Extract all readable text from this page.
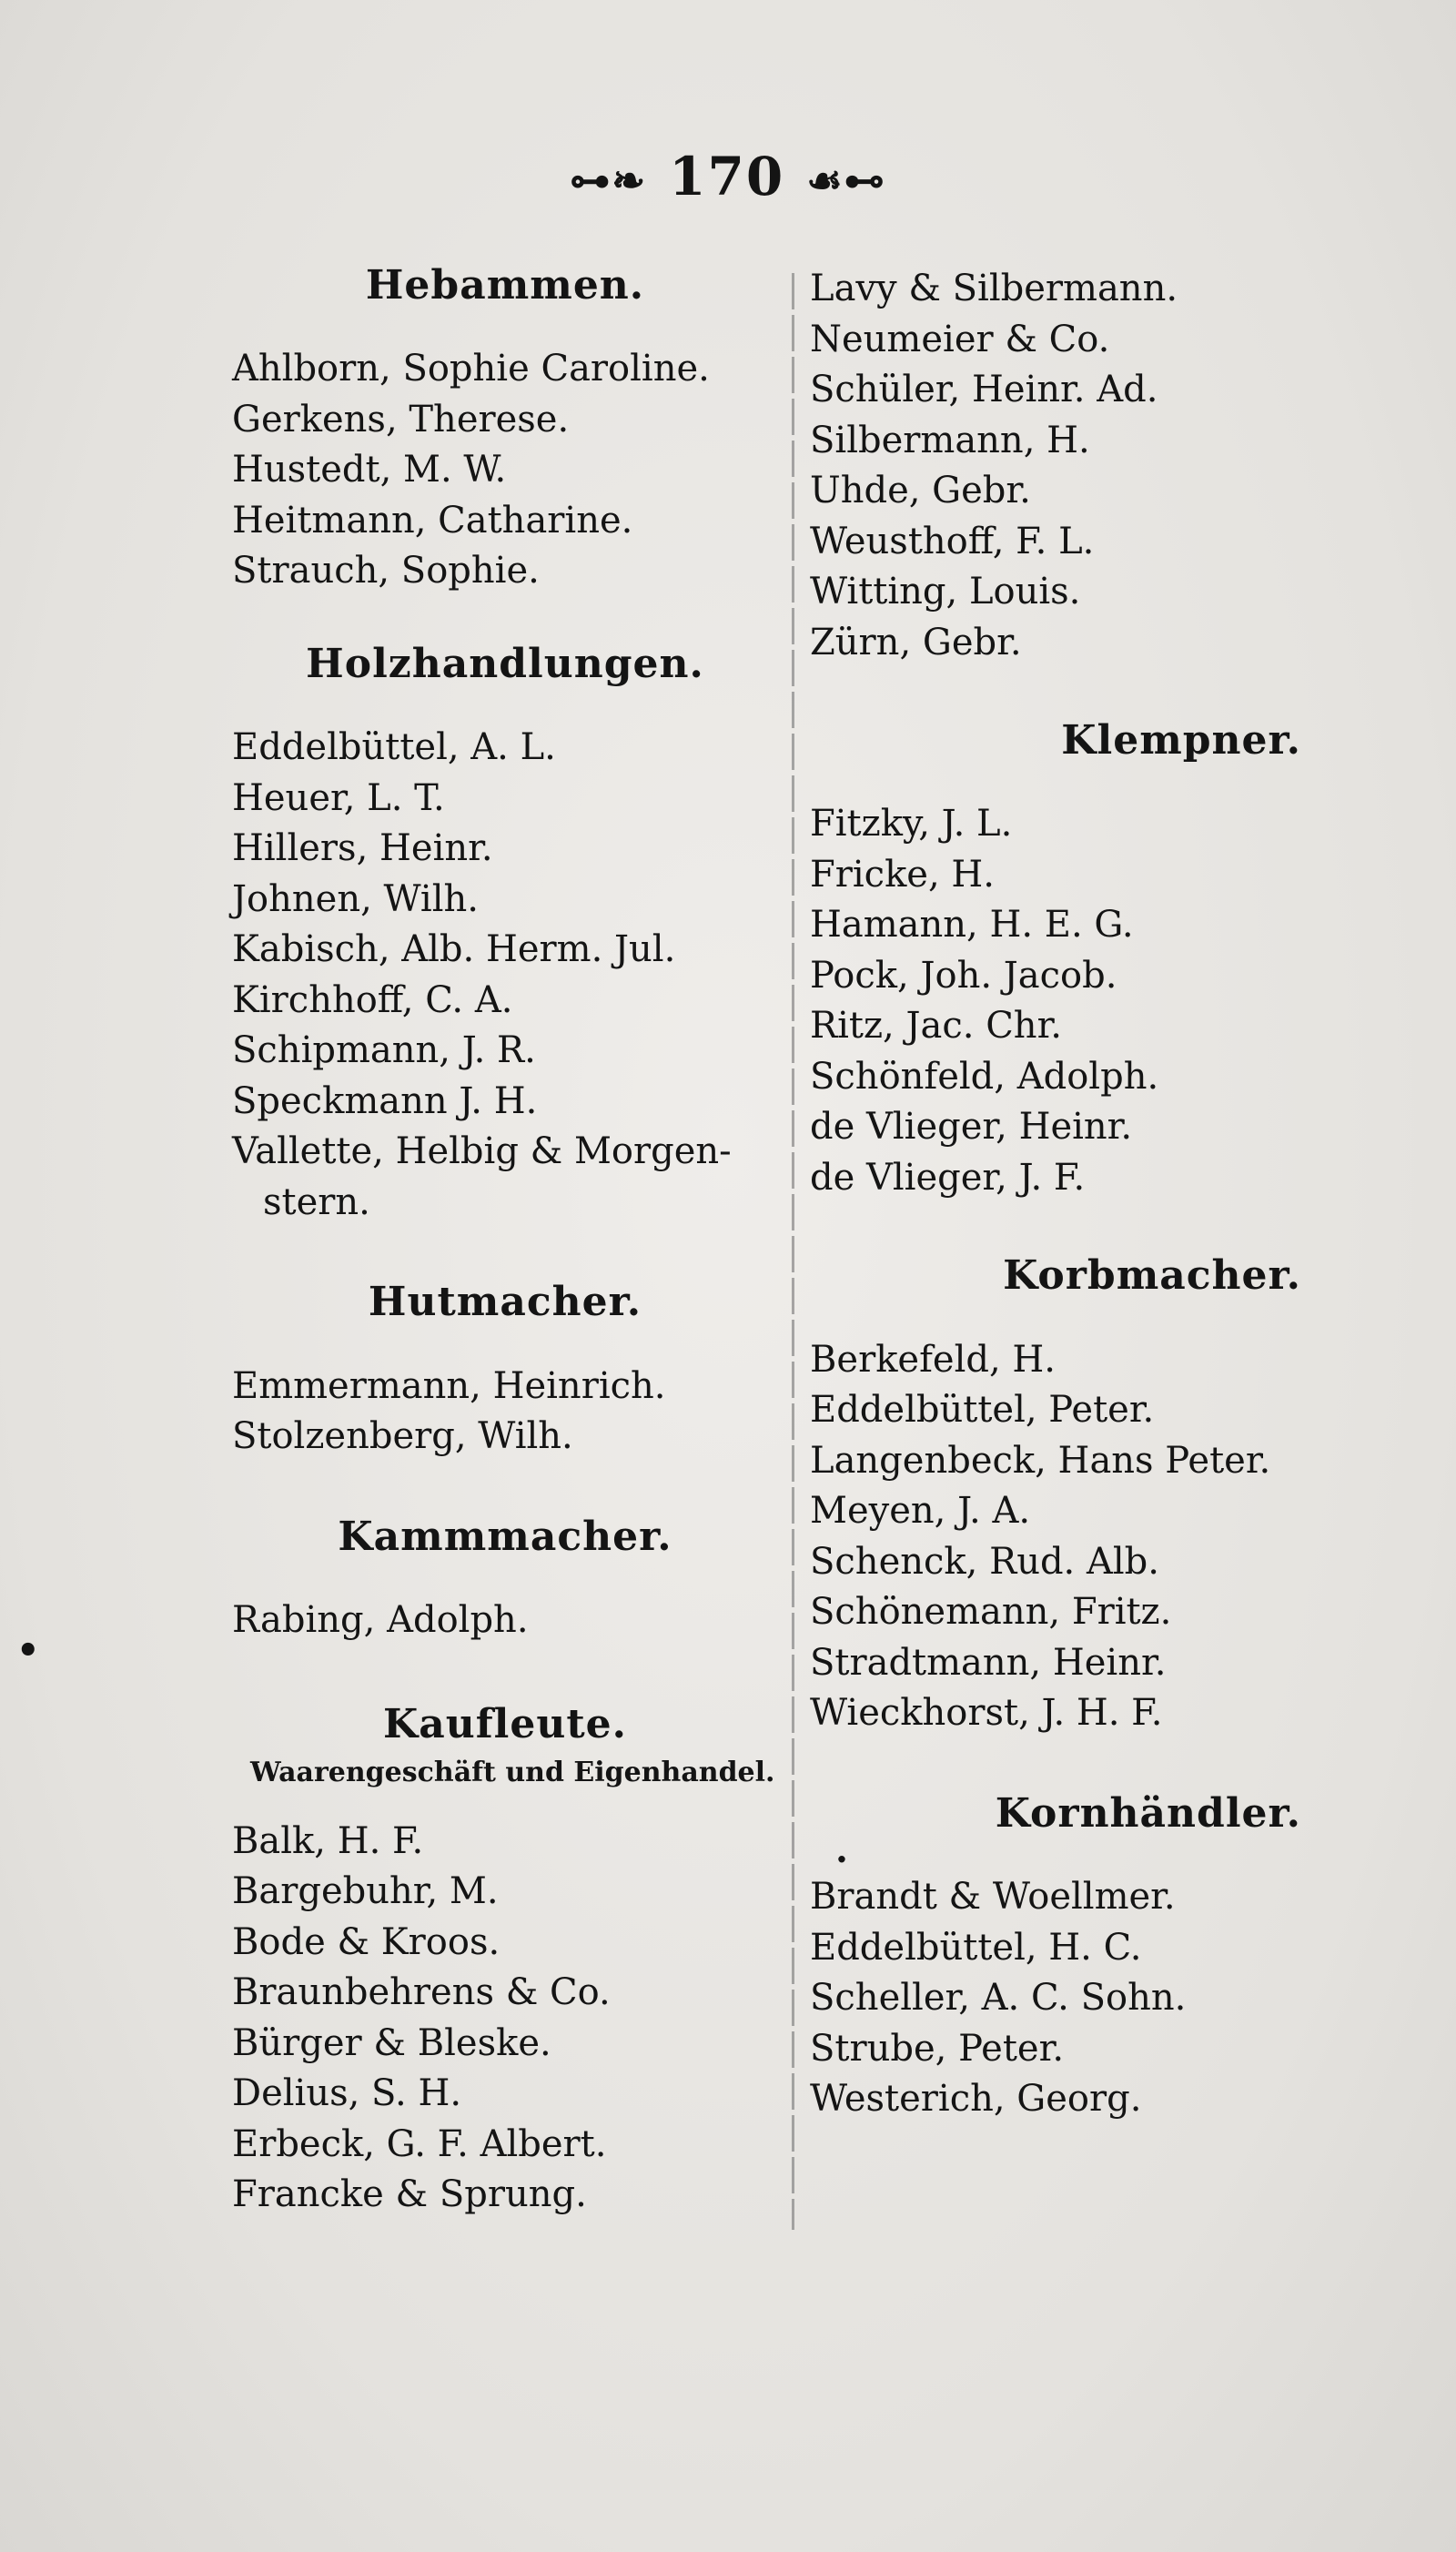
⊶❧ 170 ☙⊷
Hebammen.
Ahlborn, Sophie Caroline.
Gerkens, Therese.
Hustedt, M. W.
Heitmann, Catharine.
Strauch, Sophie.
Holzhandlungen.
Eddelbüttel, A. L.
Heuer, L. T.
Hillers, Heinr.
Johnen, Wilh.
Kabisch, Alb. Herm. Jul.
Kirchhoff, C. A.
Schipmann, J. R.
Speckmann J. H.
Vallette, Helbig & Morgen-
stern.
Hutmacher.
Emmermann, Heinrich.
Stolzenberg, Wilh.
Kammmacher.
Rabing, Adolph.
Kaufleute.
Waarengeschäft und Eigenhandel.
Balk, H. F.
Bargebuhr, M.
Bode & Kroos.
Braunbehrens & Co.
Bürger & Bleske.
Delius, S. H.
Erbeck, G. F. Albert.
Francke & Sprung.
Lavy & Silbermann.
Neumeier & Co.
Schüler, Heinr. Ad.
Silbermann, H.
Uhde, Gebr.
Weusthoff, F. L.
Witting, Louis.
Zürn, Gebr.
Klempner.
Fitzky, J. L.
Fricke, H.
Hamann, H. E. G.
Pock, Joh. Jacob.
Ritz, Jac. Chr.
Schönfeld, Adolph.
de Vlieger, Heinr.
de Vlieger, J. F.
Korbmacher.
Berkefeld, H.
Eddelbüttel, Peter.
Langenbeck, Hans Peter.
Meyen, J. A.
Schenck, Rud. Alb.
Schönemann, Fritz.
Stradtmann, Heinr.
Wieckhorst, J. H. F.
Kornhändler.
Brandt & Woellmer.
Eddelbüttel, H. C.
Scheller, A. C. Sohn.
Strube, Peter.
Westerich, Georg.
•
·
